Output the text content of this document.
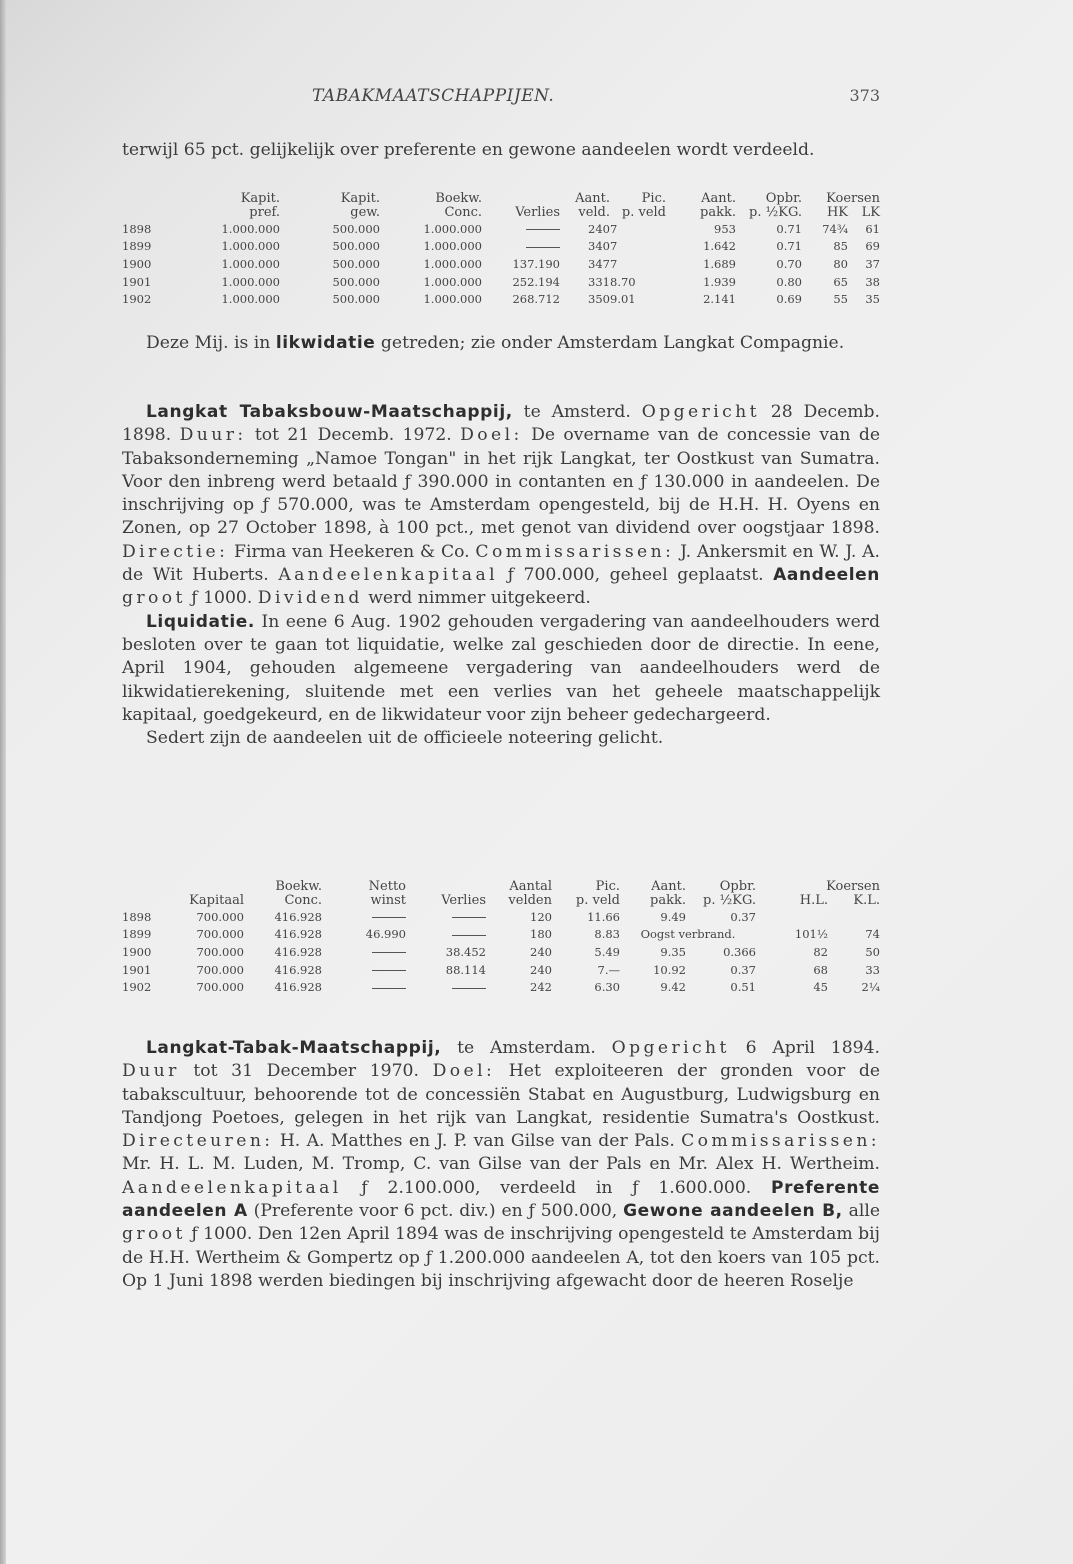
TABAKMAATSCHAPPIJEN.	373
terwijl 65 pct. gelijkelijk over preferente en gewone aandeelen wordt verdeeld.
	Kapit.	Kapit.	Boekw.		Aant.	Pic.	Aant.	Opbr.	Koersen	
	pref.	gew.	Conc.	Verlies	veld.	p. veld	pakk.	p. ½KG.	HK	LK
1898	1.000.000	500.000	1.000.000		240	7	953	0.71	74¾	61
1899	1.000.000	500.000	1.000.000		340	7	1.642	0.71	85	69
1900	1.000.000	500.000	1.000.000	137.190	347	7	1.689	0.70	80	37
1901	1.000.000	500.000	1.000.000	252.194	331	8.70	1.939	0.80	65	38
1902	1.000.000	500.000	1.000.000	268.712	350	9.01	2.141	0.69	55	35
Deze Mij. is in likwidatie getreden; zie onder Amsterdam Langkat Compagnie.
Langkat Tabaksbouw-Maatschappij, te Amsterd. Opgericht 28 Decemb. 1898. Duur: tot 21 Decemb. 1972. Doel: De overname van de concessie van de Tabaksonderneming „Namoe Tongan" in het rijk Langkat, ter Oostkust van Sumatra. Voor den inbreng werd betaald ƒ 390.000 in contanten en ƒ 130.000 in aandeelen. De inschrijving op ƒ 570.000, was te Amsterdam opengesteld, bij de H.H. H. Oyens en Zonen, op 27 October 1898, à 100 pct., met genot van dividend over oogstjaar 1898. Directie: Firma van Heekeren & Co. Commissarissen: J. Ankersmit en W. J. A. de Wit Huberts. Aandeelenkapitaal ƒ 700.000, geheel geplaatst. Aandeelen groot ƒ 1000. Dividend werd nimmer uitgekeerd.
Liquidatie. In eene 6 Aug. 1902 gehouden vergadering van aandeelhouders werd besloten over te gaan tot liquidatie, welke zal geschieden door de directie. In eene, April 1904, gehouden algemeene vergadering van aandeelhouders werd de likwidatierekening, sluitende met een verlies van het geheele maatschappelijk kapitaal, goedgekeurd, en de likwidateur voor zijn beheer gedechargeerd.
Sedert zijn de aandeelen uit de officieele noteering gelicht.
		Boekw.	Netto		Aantal	Pic.	Aant.	Opbr.	Koersen	
	Kapitaal	Conc.	winst	Verlies	velden	p. veld	pakk.	p. ½KG.	H.L.	K.L.
1898	700.000	416.928			120	11.66	9.49	0.37		
1899	700.000	416.928	46.990		180	8.83	Oogst verbrand.		101½	74
1900	700.000	416.928		38.452	240	5.49	9.35	0.366	82	50
1901	700.000	416.928		88.114	240	7.—	10.92	0.37	68	33
1902	700.000	416.928			242	6.30	9.42	0.51	45	2¼
Langkat-Tabak-Maatschappij, te Amsterdam. Opgericht 6 April 1894. Duur tot 31 December 1970. Doel: Het exploiteeren der gronden voor de tabakscultuur, behoorende tot de concessiën Stabat en Augustburg, Ludwigsburg en Tandjong Poetoes, gelegen in het rijk van Langkat, residentie Sumatra's Oostkust. Directeuren: H. A. Matthes en J. P. van Gilse van der Pals. Commissarissen: Mr. H. L. M. Luden, M. Tromp, C. van Gilse van der Pals en Mr. Alex H. Wertheim. Aandeelenkapitaal ƒ 2.100.000, verdeeld in ƒ 1.600.000. Preferente aandeelen A (Preferente voor 6 pct. div.) en ƒ 500.000, Gewone aandeelen B, alle groot ƒ 1000. Den 12en April 1894 was de inschrijving opengesteld te Amsterdam bij de H.H. Wertheim & Gompertz op ƒ 1.200.000 aandeelen A, tot den koers van 105 pct. Op 1 Juni 1898 werden biedingen bij inschrijving afgewacht door de heeren Roselje
